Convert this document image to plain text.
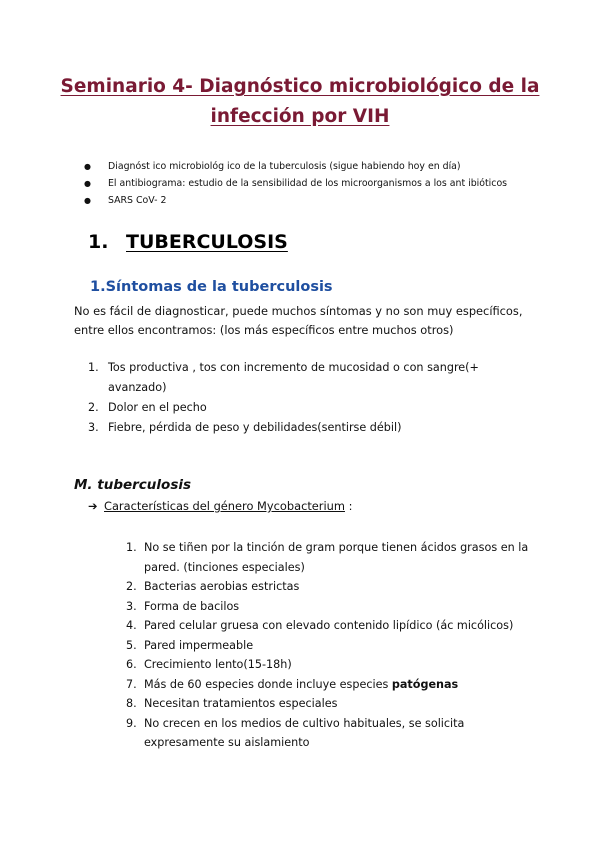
Seminario 4- Diagnóstico microbiológico de la
infección por VIH
● Diagnóst ico microbiológ ico de la tuberculosis (sigue habiendo hoy en día)
● El antibiograma: estudio de la sensibilidad de los microorganismos a los ant ibióticos
● SARS CoV- 2
1. TUBERCULOSIS
1.Síntomas de la tuberculosis
No es fácil de diagnosticar, puede muchos síntomas y no son muy específicos,
entre ellos encontramos: (los más específicos entre muchos otros)
1. Tos productiva , tos con incremento de mucosidad o con sangre(+
avanzado)
2. Dolor en el pecho
3. Fiebre, pérdida de peso y debilidades(sentirse débil)
M. tuberculosis
➔ Características del género Mycobacterium :
1. No se tiñen por la tinción de gram porque tienen ácidos grasos en la
pared. (tinciones especiales)
2. Bacterias aerobias estrictas
3. Forma de bacilos
4. Pared celular gruesa con elevado contenido lipídico (ác micólicos)
5. Pared impermeable
6. Crecimiento lento(15-18h)
7. Más de 60 especies donde incluye especies patógenas
8. Necesitan tratamientos especiales
9. No crecen en los medios de cultivo habituales, se solicita
expresamente su aislamiento
